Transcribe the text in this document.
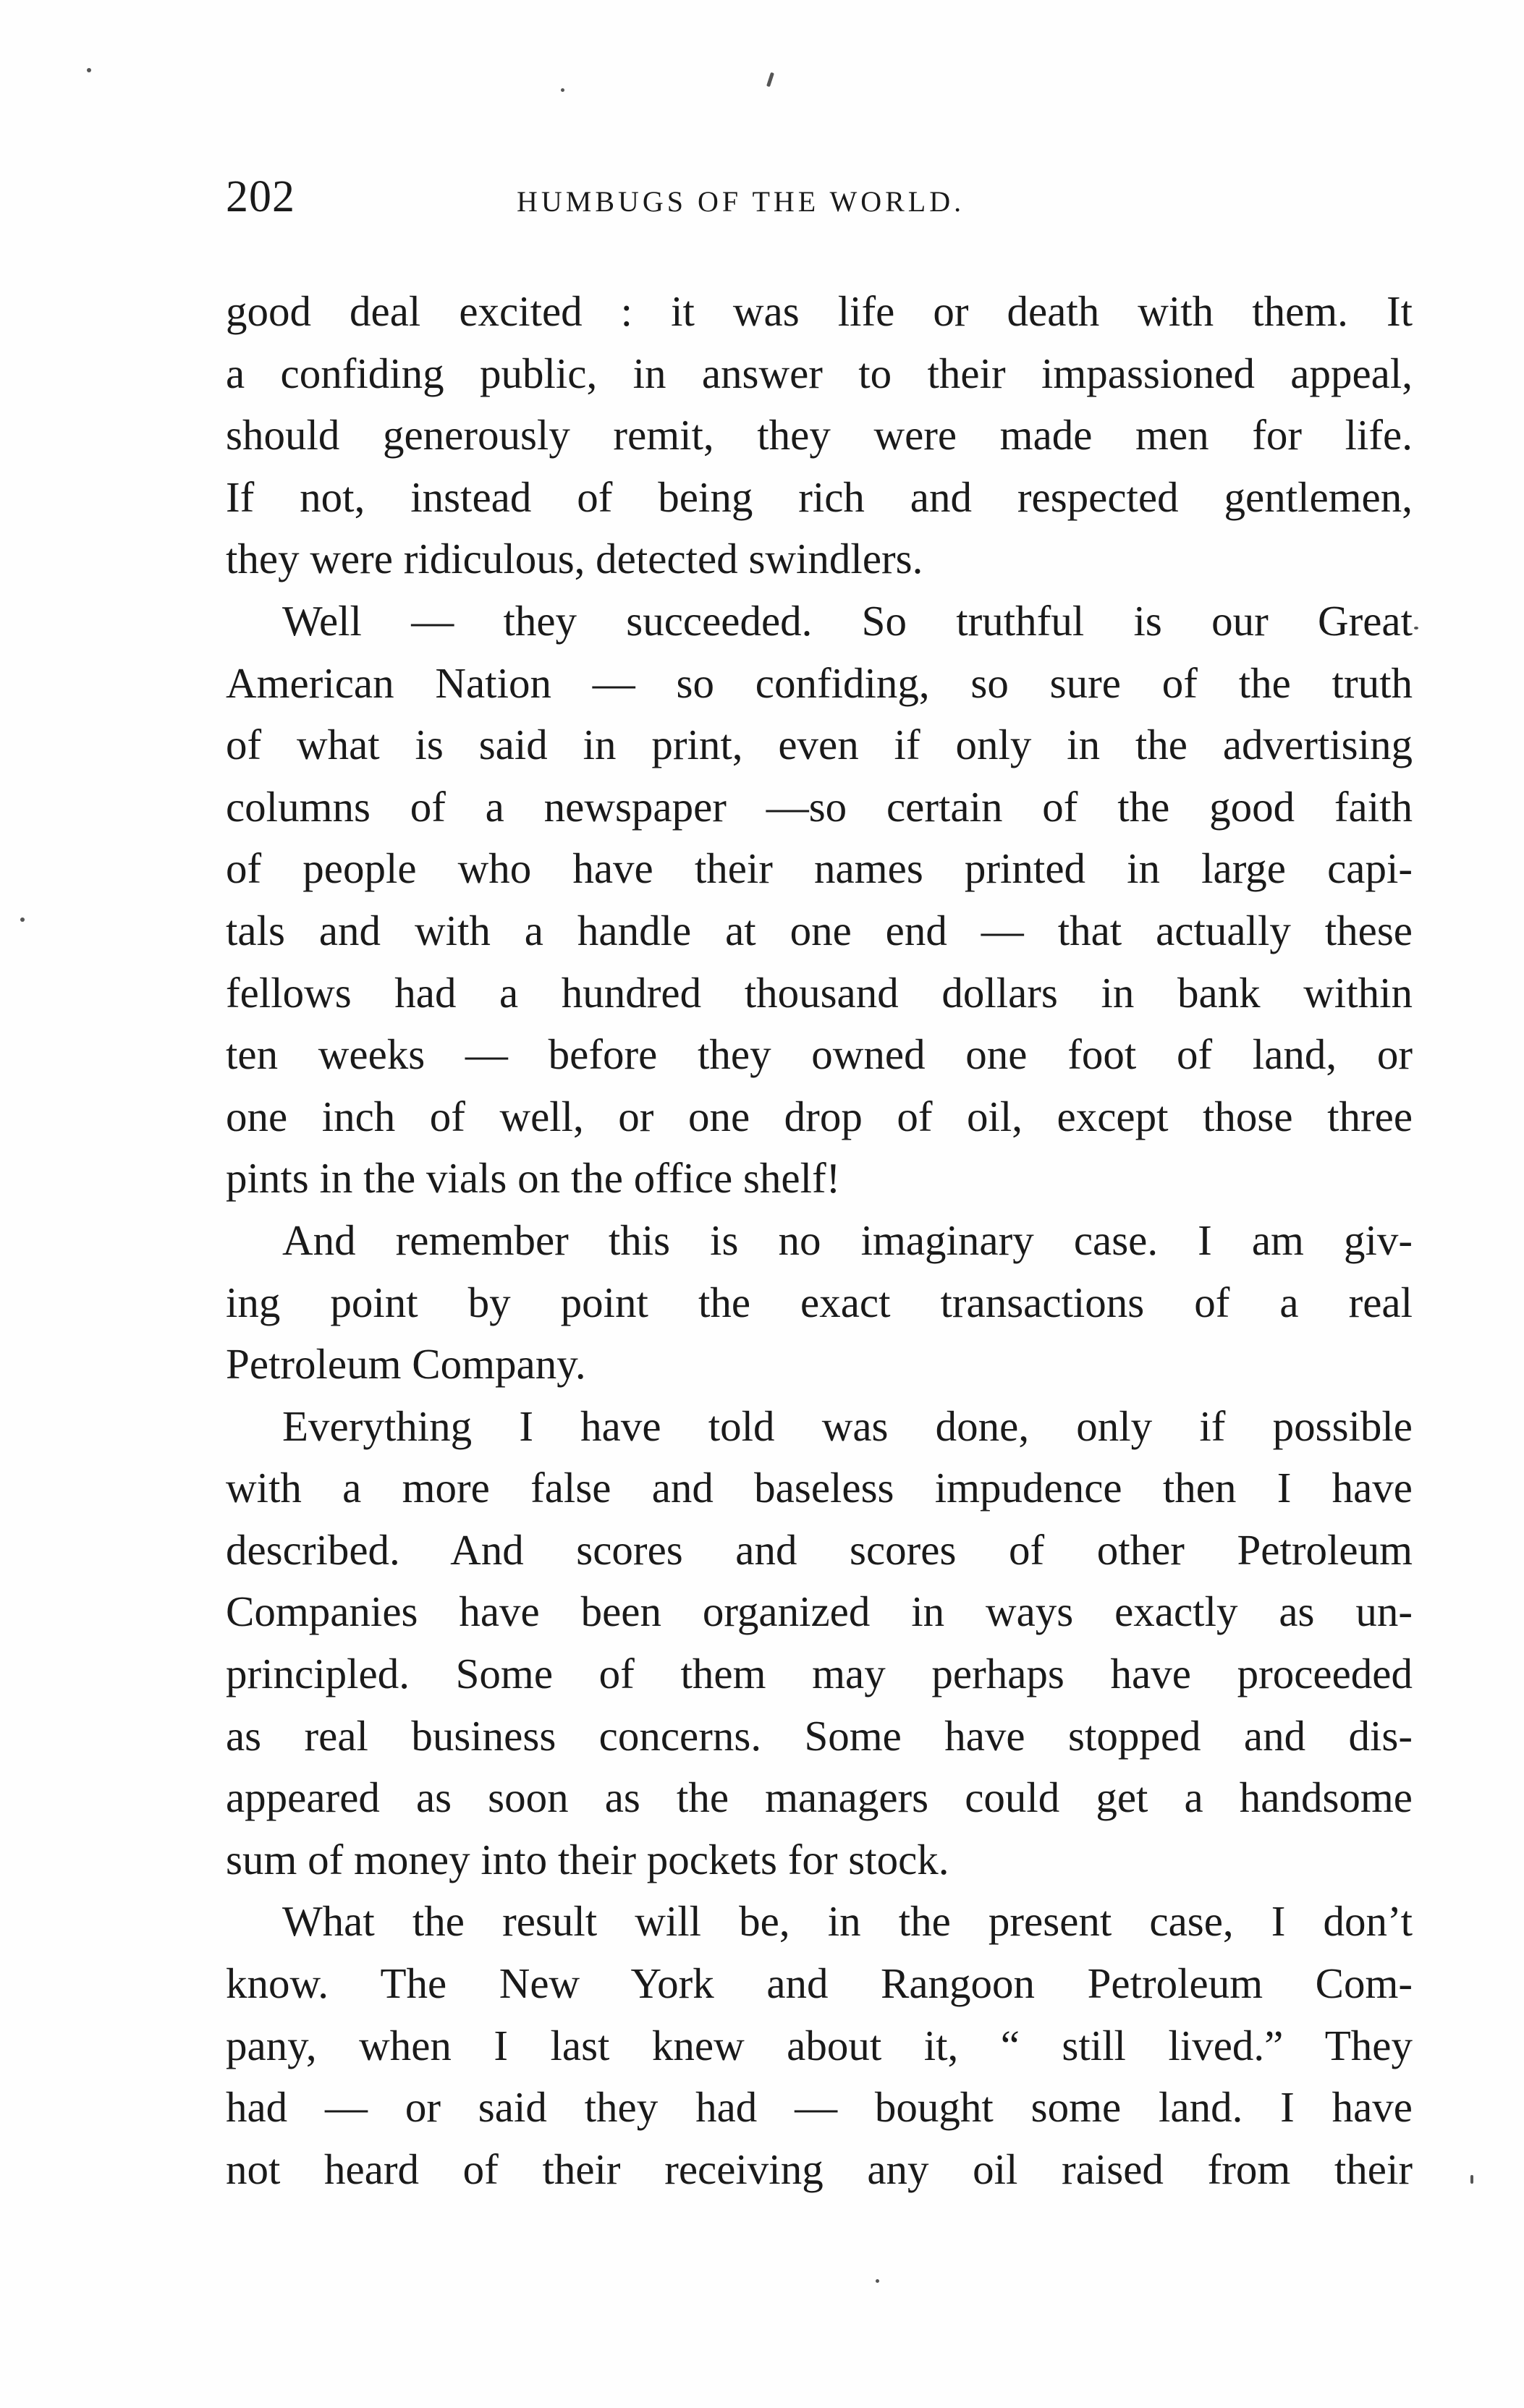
202	HUMBUGS OF THE WORLD.
good deal excited : it was life or death with them. It
a confiding public, in answer to their impassioned appeal,
should generously remit, they were made men for life.
If not, instead of being rich and respected gentlemen,
they were ridiculous, detected swindlers.
Well — they succeeded. So truthful is our Great
American Nation — so confiding, so sure of the truth
of what is said in print, even if only in the advertising
columns of a newspaper —so certain of the good faith
of people who have their names printed in large capi-
tals and with a handle at one end — that actually these
fellows had a hundred thousand dollars in bank within
ten weeks — before they owned one foot of land, or
one inch of well, or one drop of oil, except those three
pints in the vials on the office shelf!
And remember this is no imaginary case. I am giv-
ing point by point the exact transactions of a real
Petroleum Company.
Everything I have told was done, only if possible
with a more false and baseless impudence then I have
described. And scores and scores of other Petroleum
Companies have been organized in ways exactly as un-
principled. Some of them may perhaps have proceeded
as real business concerns. Some have stopped and dis-
appeared as soon as the managers could get a handsome
sum of money into their pockets for stock.
What the result will be, in the present case, I don’t
know. The New York and Rangoon Petroleum Com-
pany, when I last knew about it, “ still lived.” They
had — or said they had — bought some land. I have
not heard of their receiving any oil raised from their
